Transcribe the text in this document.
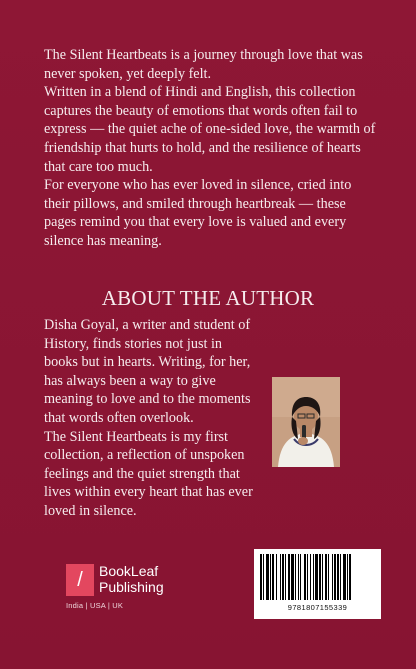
The Silent Heartbeats is a journey through love that was never spoken, yet deeply felt.

Written in a blend of Hindi and English, this collection captures the beauty of emotions that words often fail to express — the quiet ache of one-sided love, the warmth of friendship that hurts to hold, and the resilience of hearts that care too much.

For everyone who has ever loved in silence, cried into their pillows, and smiled through heartbreak — these pages remind you that every love is valued and every silence has meaning.

ABOUT THE AUTHOR

Disha Goyal, a writer and student of

History, finds stories not just in

books but in hearts. Writing, for her,

has always been a way to give

meaning to love and to the moments

that words often overlook.

The Silent Heartbeats is my first

collection, a reflection of unspoken

feelings and the quiet strength that

lives within every heart that has ever

loved in silence.

/	BookLeaf
Publishing
India | USA | UK	9781807155339
